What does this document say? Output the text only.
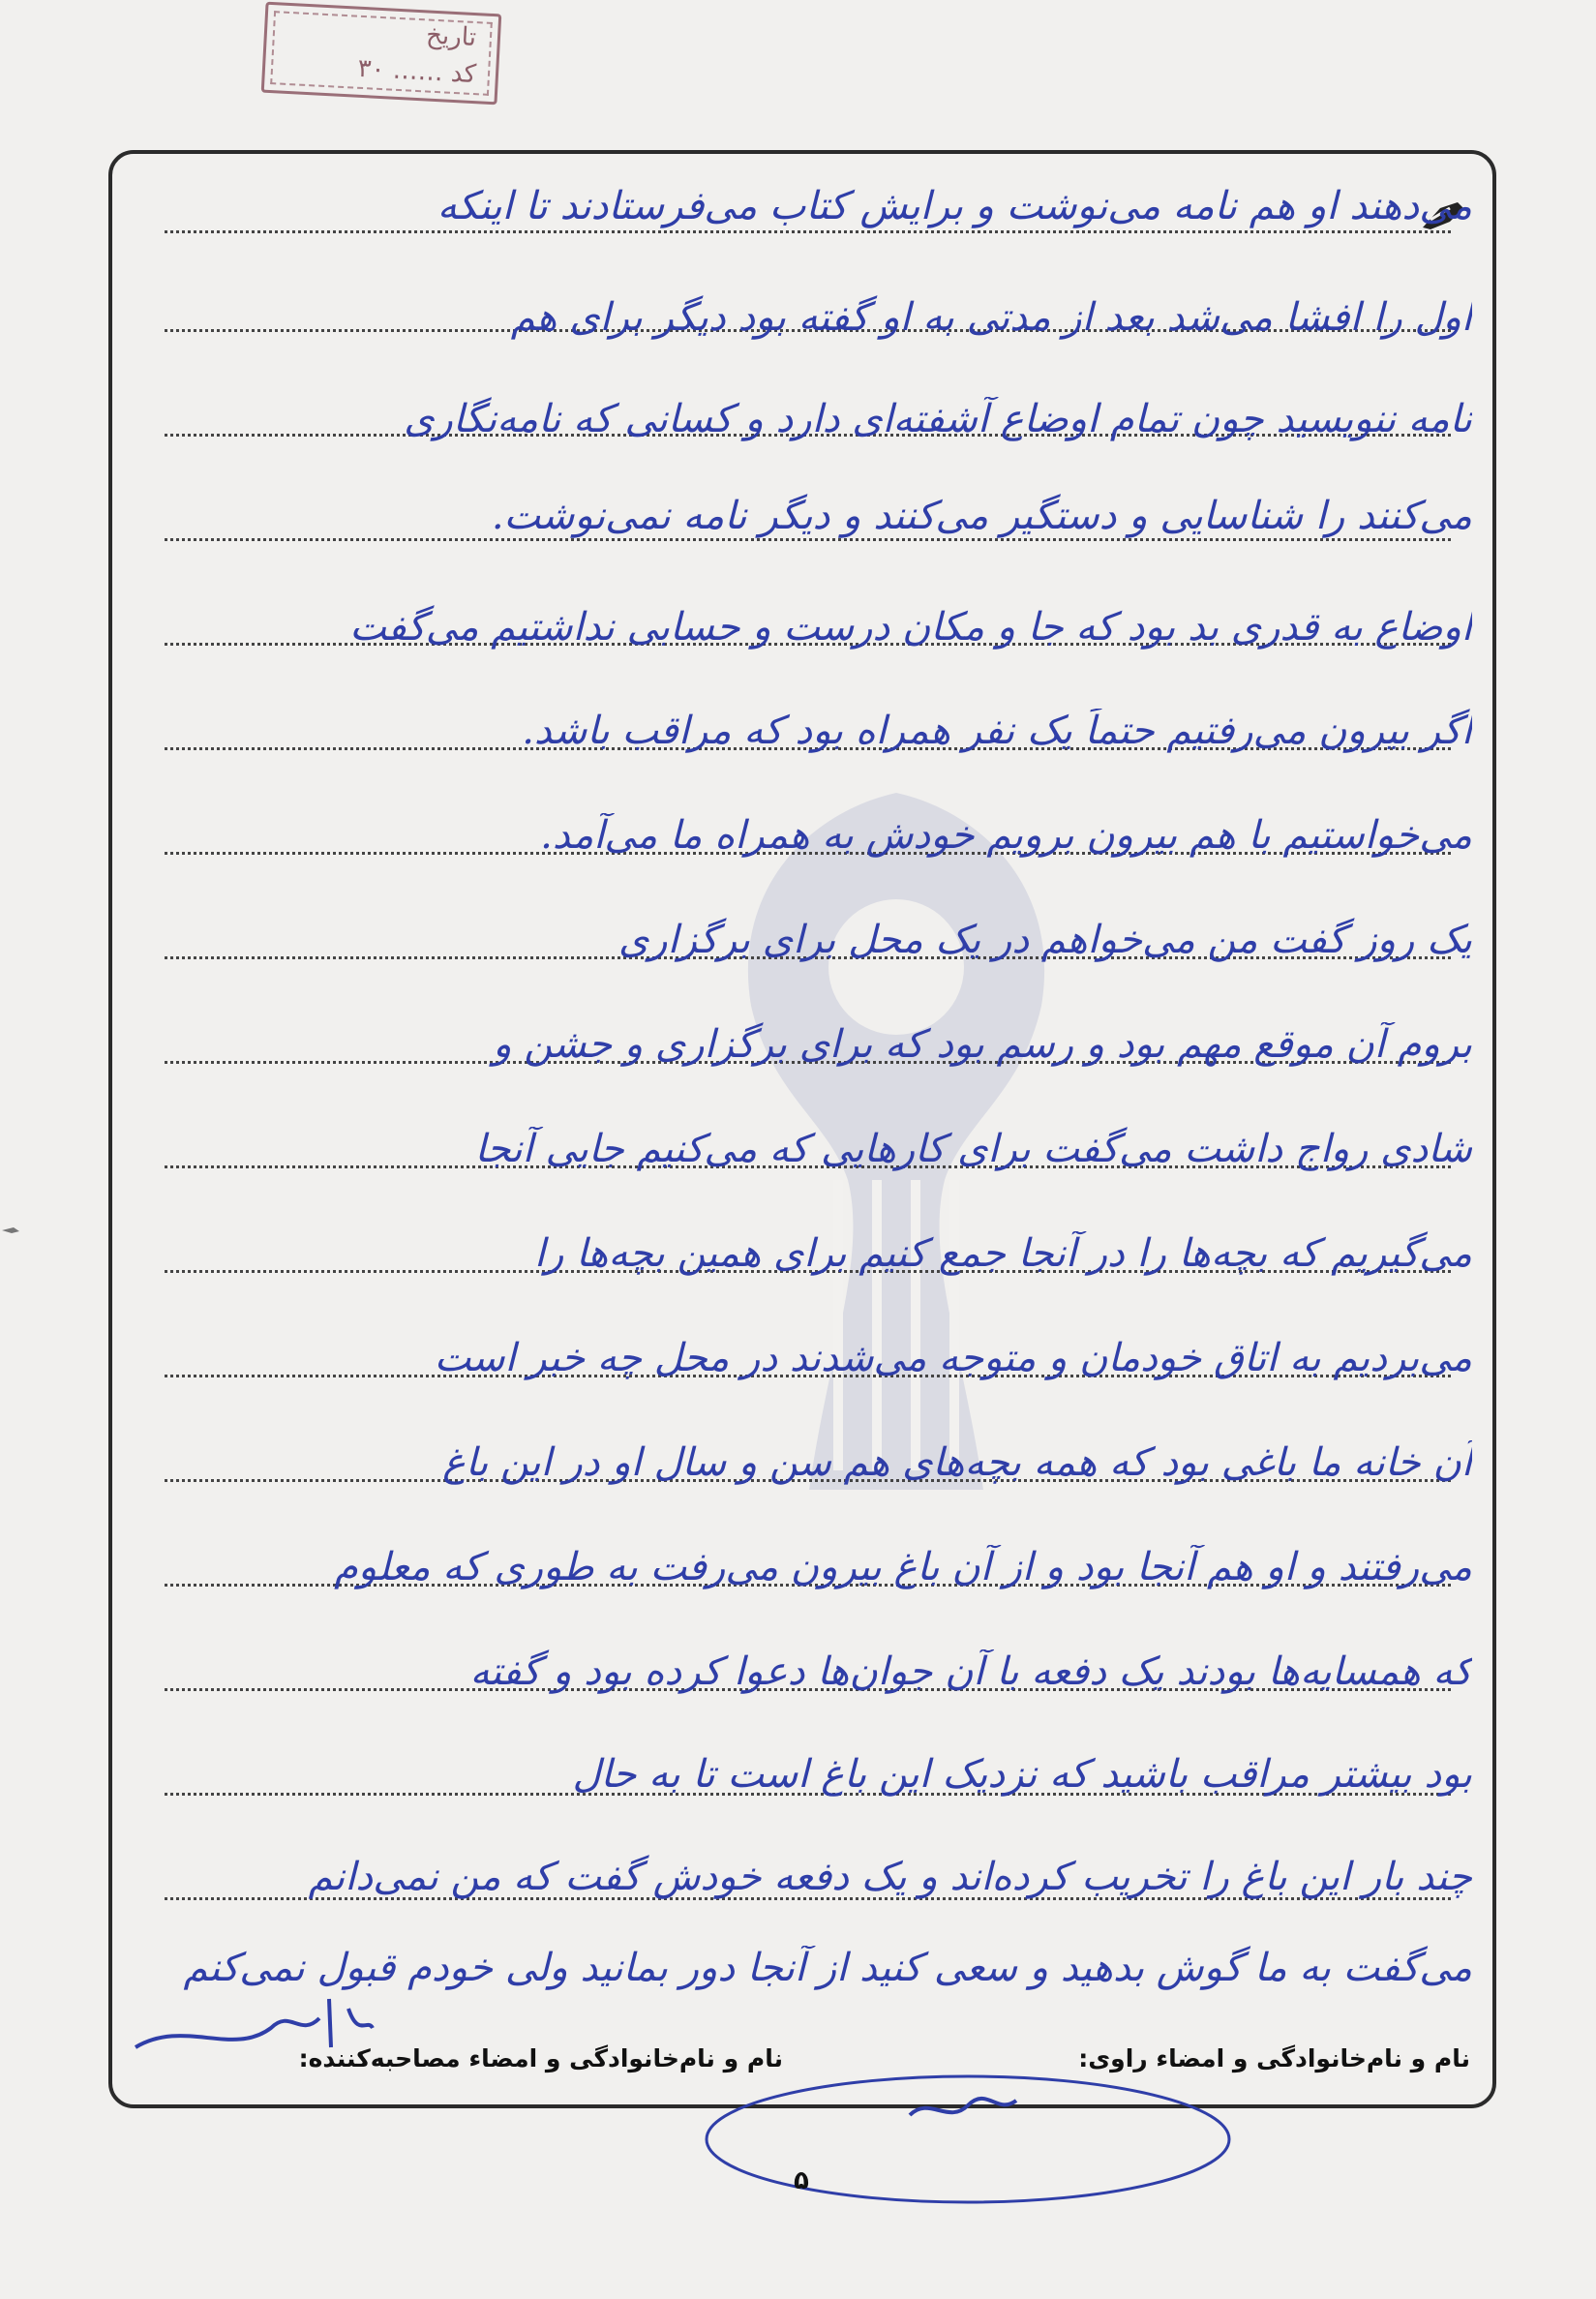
تاریخ
کد …… ۳۰
می‌دهند او هم نامه می‌نوشت و برایش کتاب می‌فرستادند تا اینکه
اول را افشا می‌شد بعد از مدتی به او گفته بود دیگر برای هم
نامه ننویسید چون تمام اوضاع آشفته‌ای دارد و کسانی که نامه‌نگاری
می‌کنند را شناسایی و دستگیر می‌کنند و دیگر نامه نمی‌نوشت.
اوضاع به قدری بد بود که جا و مکان درست و حسابی نداشتیم می‌گفت
اگر بیرون می‌رفتیم حتماً یک نفر همراه بود که مراقب باشد.
می‌خواستیم با هم بیرون برویم خودش به همراه ما می‌آمد.
یک روز گفت من می‌خواهم در یک محل برای برگزاری
بروم آن موقع مهم بود و رسم بود که برای برگزاری و جشن و
شادی رواج داشت می‌گفت برای کارهایی که می‌کنیم جایی آنجا
می‌گیریم که بچه‌ها را در آنجا جمع کنیم برای همین بچه‌ها را
می‌بردیم به اتاق خودمان و متوجه می‌شدند در محل چه خبر است
آن خانه ما باغی بود که همه بچه‌های هم سن و سال او در این باغ
می‌رفتند و او هم آنجا بود و از آن باغ بیرون می‌رفت به طوری که معلوم
که همسایه‌ها بودند یک دفعه با آن جوان‌ها دعوا کرده بود و گفته
بود بیشتر مراقب باشید که نزدیک این باغ است تا به حال
چند بار این باغ را تخریب کرده‌اند و یک دفعه خودش گفت که من نمی‌دانم
می‌گفت به ما گوش بدهید و سعی کنید از آنجا دور بمانید ولی خودم قبول نمی‌کنم
نام و نام‌خانوادگی و امضاء مصاحبه‌کننده:	نام و نام‌خانوادگی و امضاء راوی:
۵
